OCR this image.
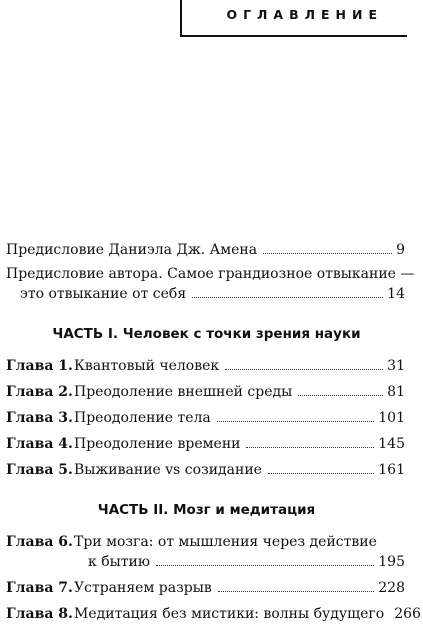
ОГЛАВЛЕНИЕ
Предисловие Даниэла Дж. Амена	9
Предисловие автора. Самое грандиозное отвыкание —
это отвыкание от себя	14
ЧАСТЬ I. Человек с точки зрения науки
Глава 1. Квантовый человек	31
Глава 2. Преодоление внешней среды	81
Глава 3. Преодоление тела	101
Глава 4. Преодоление времени	145
Глава 5. Выживание vs созидание	161
ЧАСТЬ II. Мозг и медитация
Глава 6. Три мозга: от мышления через действие
к бытию	195
Глава 7. Устраняем разрыв	228
Глава 8. Медитация без мистики: волны будущего 266
